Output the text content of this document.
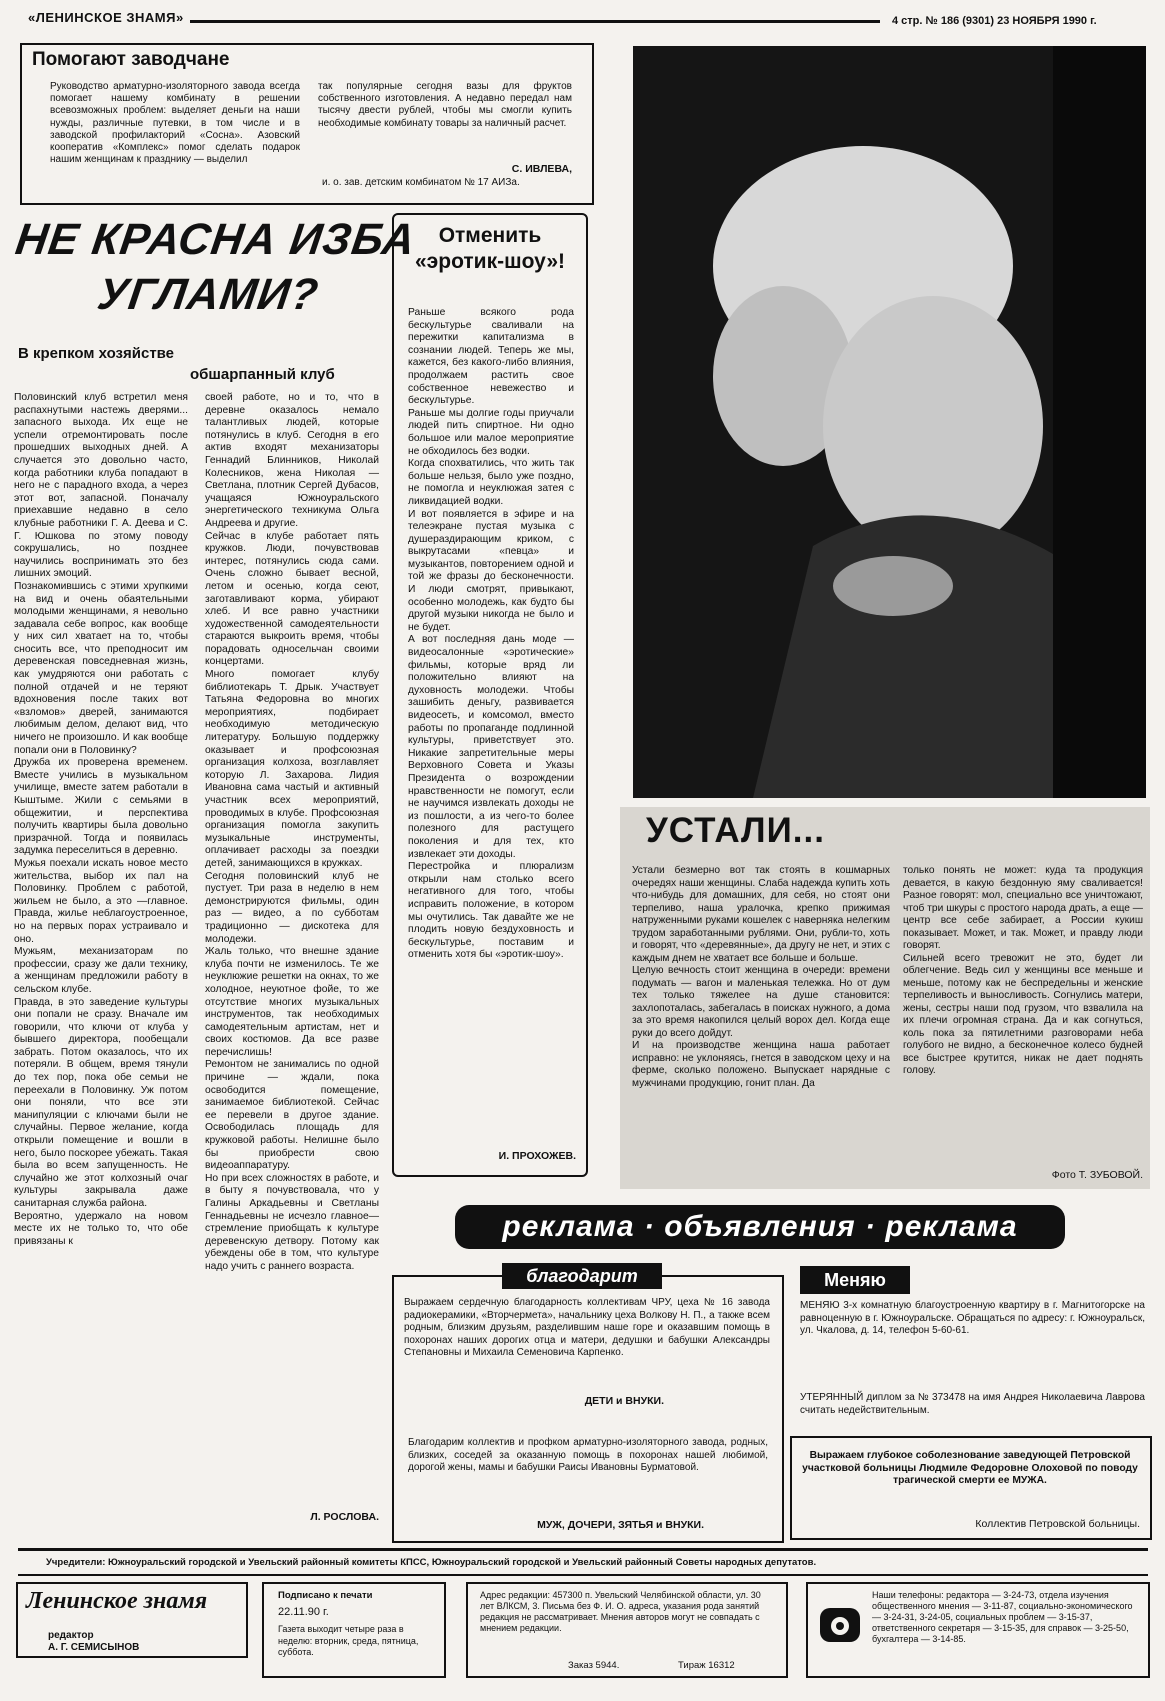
«ЛЕНИНСКОЕ ЗНАМЯ»	4 стр. № 186 (9301) 23 НОЯБРЯ 1990 г.
Помогают заводчане
Руководство арматурно-изоляторного завода всегда помогает нашему комбинату в решении всевозможных проблем: выделяет деньги на наши нужды, различные путевки, в том числе и в заводской профилакторий «Сосна». Азовский кооператив «Комплекс» помог сделать подарок нашим женщинам к празднику — выделил
так популярные сегодня вазы для фруктов собственного изготовления. А недавно передал нам тысячу двести рублей, чтобы мы смогли купить необходимые комбинату товары за наличный расчет.
С. ИВЛЕВА,
и. о. зав. детским комбинатом № 17 АИЗа.
НЕ КРАСНА ИЗБА
УГЛАМИ?
В крепком хозяйстве
обшарпанный клуб
Половинский клуб встретил меня распахнутыми настежь дверями... запасного выхода. Их еще не успели отремонтировать после прошедших выходных дней. А случается это довольно часто, когда работники клуба попадают в него не с парадного входа, а через этот вот, запасной. Поначалу приехавшие недавно в село клубные работники Г. А. Деева и С. Г. Юшкова по этому поводу сокрушались, но позднее научились воспринимать это без лишних эмоций.
Познакомившись с этими хрупкими на вид и очень обаятельными молодыми женщинами, я невольно задавала себе вопрос, как вообще у них сил хватает на то, чтобы сносить все, что преподносит им деревенская повседневная жизнь, как умудряются они работать с полной отдачей и не теряют вдохновения после таких вот «взломов» дверей, занимаются любимым делом, делают вид, что ничего не произошло. И как вообще попали они в Половинку?
Дружба их проверена временем. Вместе учились в музыкальном училище, вместе затем работали в Кыштыме. Жили с семьями в общежитии, и перспектива получить квартиры была довольно призрачной. Тогда и появилась задумка переселиться в деревню.
Мужья поехали искать новое место жительства, выбор их пал на Половинку. Проблем с работой, жильем не было, а это —главное. Правда, жилье неблагоустроенное, но на первых порах устраивало и оно.
Мужьям, механизаторам по профессии, сразу же дали технику, а женщинам предложили работу в сельском клубе.
Правда, в это заведение культуры они попали не сразу. Вначале им говорили, что ключи от клуба у бывшего директора, пообещали забрать. Потом оказалось, что их потеряли. В общем, время тянули до тех пор, пока обе семьи не переехали в Половинку. Уж потом они поняли, что все эти манипуляции с ключами были не случайны. Первое желание, когда открыли помещение и вошли в него, было поскорее убежать. Такая была во всем запущенность. Не случайно же этот колхозный очаг культуры закрывала даже санитарная служба района.
Вероятно, удержало на новом месте их не только то, что обе привязаны к
своей работе, но и то, что в деревне оказалось немало талантливых людей, которые потянулись в клуб. Сегодня в его актив входят механизаторы Геннадий Блинников, Николай Колесников, жена Николая — Светлана, плотник Сергей Дубасов, учащаяся Южноуральского энергетического техникума Ольга Андреева и другие.
Сейчас в клубе работает пять кружков. Люди, почувствовав интерес, потянулись сюда сами. Очень сложно бывает весной, летом и осенью, когда сеют, заготавливают корма, убирают хлеб. И все равно участники художественной самодеятельности стараются выкроить время, чтобы порадовать односельчан своими концертами.
Много помогает клубу библиотекарь Т. Дрык. Участвует Татьяна Федоровна во многих мероприятиях, подбирает необходимую методическую литературу. Большую поддержку оказывает и профсоюзная организация колхоза, возглавляет которую Л. Захарова. Лидия Ивановна сама частый и активный участник всех мероприятий, проводимых в клубе. Профсоюзная организация помогла закупить музыкальные инструменты, оплачивает расходы за поездки детей, занимающихся в кружках.
Сегодня половинский клуб не пустует. Три раза в неделю в нем демонстрируются фильмы, один раз — видео, а по субботам традиционно — дискотека для молодежи.
Жаль только, что внешне здание клуба почти не изменилось. Те же неуклюжие решетки на окнах, то же холодное, неуютное фойе, то же отсутствие многих музыкальных инструментов, так необходимых самодеятельным артистам, нет и своих костюмов. Да все разве перечислишь!
Ремонтом не занимались по одной причине — ждали, пока освободится помещение, занимаемое библиотекой. Сейчас ее перевели в другое здание. Освободилась площадь для кружковой работы. Нелишне было бы приобрести свою видеоаппаратуру.
Но при всех сложностях в работе, и в быту я почувствовала, что у Галины Аркадьевны и Светланы Геннадьевны не исчезло главное— стремление приобщать к культуре деревенскую детвору. Потому как убеждены обе в том, что культуре надо учить с раннего возраста.
Л. РОСЛОВА.
Отменить «эротик-шоу»!
Раньше всякого рода бескультурье сваливали на пережитки капитализма в сознании людей. Теперь же мы, кажется, без какого-либо влияния, продолжаем растить свое собственное невежество и бескультурье.
Раньше мы долгие годы приучали людей пить спиртное. Ни одно большое или малое мероприятие не обходилось без водки.
Когда спохватились, что жить так больше нельзя, было уже поздно, не помогла и неуклюжая затея с ликвидацией водки.
И вот появляется в эфире и на телеэкране пустая музыка с душераздирающим криком, с выкрутасами «певца» и музыкантов, повторением одной и той же фразы до бесконечности. И люди смотрят, привыкают, особенно молодежь, как будто бы другой музыки никогда не было и не будет.
А вот последняя дань моде — видеосалонные «эротические» фильмы, которые вряд ли положительно влияют на духовность молодежи. Чтобы зашибить деньгу, развивается видеосеть, и комсомол, вместо работы по пропаганде подлинной культуры, приветствует это. Никакие запретительные меры Верховного Совета и Указы Президента о возрождении нравственности не помогут, если не научимся извлекать доходы не из пошлости, а из чего-то более полезного для растущего поколения и для тех, кто извлекает эти доходы.
Перестройка и плюрализм открыли нам столько всего негативного для того, чтобы исправить положение, в котором мы очутились. Так давайте же не плодить новую бездуховность и бескультурье, поставим и отменить хотя бы «эротик-шоу».
И. ПРОХОЖЕВ.
УСТАЛИ...
Устали безмерно вот так стоять в кошмарных очередях наши женщины. Слаба надежда купить хоть что-нибудь для домашних, для себя, но стоят они терпеливо, наша уралочка, крепко прижимая натруженными руками кошелек с наверняка нелегким трудом заработанными рублями. Они, рубли-то, хоть и говорят, что «деревянные», да другу не нет, и этих с каждым днем не хватает все больше и больше.
Целую вечность стоит женщина в очереди: времени подумать — вагон и маленькая тележка. Но от дум тех только тяжелее на душе становится: захлопоталась, забегалась в поисках нужного, а дома за это время накопился целый ворох дел. Когда еще руки до всего дойдут.
И на производстве женщина наша работает исправно: не уклоняясь, гнется в заводском цеху и на ферме, сколько положено. Выпускает нарядные с мужчинами продукцию, гонит план. Да
только понять не может: куда та продукция девается, в какую бездонную яму сваливается! Разное говорят: мол, специально все уничтожают, чтоб три шкуры с простого народа драть, а еще — центр все себе забирает, а России кукиш показывает. Может, и так. Может, и правду люди говорят.
Сильней всего тревожит не это, будет ли облегчение. Ведь сил у женщины все меньше и меньше, потому как не беспредельны и женские терпеливость и выносливость. Согнулись матери, жены, сестры наши под грузом, что взвалила на их плечи огромная страна. Да и как согнуться, коль пока за пятилетними разговорами неба голубого не видно, а бесконечное колесо будней все быстрее крутится, никак не дает поднять голову.
Фото Т. ЗУБОВОЙ.
реклама · объявления · реклама
благодарит
Выражаем сердечную благодарность коллективам ЧРУ, цеха № 16 завода радиокерамики, «Вторчермета», начальнику цеха Волкову Н. П., а также всем родным, близким друзьям, разделившим наше горе и оказавшим помощь в похоронах наших дорогих отца и матери, дедушки и бабушки Александры Степановны и Михаила Семеновича Карпенко.
ДЕТИ и ВНУКИ.
Благодарим коллектив и профком арматурно-изоляторного завода, родных, близких, соседей за оказанную помощь в похоронах нашей любимой, дорогой жены, мамы и бабушки Раисы Ивановны Бурматовой.
МУЖ, ДОЧЕРИ, ЗЯТЬЯ и ВНУКИ.
Меняю
МЕНЯЮ 3-х комнатную благоустроенную квартиру в г. Магнитогорске на равноценную в г. Южноуральске. Обращаться по адресу: г. Южноуральск, ул. Чкалова, д. 14, телефон 5-60-61.
УТЕРЯННЫЙ диплом за № 373478 на имя Андрея Николаевича Лаврова считать недействительным.
Выражаем глубокое соболезнование заведующей Петровской участковой больницы Людмиле Федоровне Олоховой по поводу трагической смерти ее МУЖА.
Коллектив Петровской больницы.
Учредители: Южноуральский городской и Увельский районный комитеты КПСС, Южноуральский городской и Увельский районный Советы народных депутатов.
Ленинское знамя
редактор
А. Г. СЕМИСЫНОВ
Подписано к печати
22.11.90 г.
Газета выходит четыре раза в неделю: вторник, среда, пятница, суббота.
Адрес редакции: 457300 п. Увельский Челябинской области, ул. 30 лет ВЛКСМ, 3. Письма без Ф. И. О. адреса, указания рода занятий редакция не рассматривает. Мнения авторов могут не совпадать с мнением редакции.
Заказ 5944.	Тираж 16312
Наши телефоны: редактора — 3-24-73, отдела изучения общественного мнения — 3-11-87, социально-экономического — 3-24-31, 3-24-05, социальных проблем — 3-15-37, ответственного секретаря — 3-15-35, для справок — 3-25-50, бухгалтера — 3-14-85.
